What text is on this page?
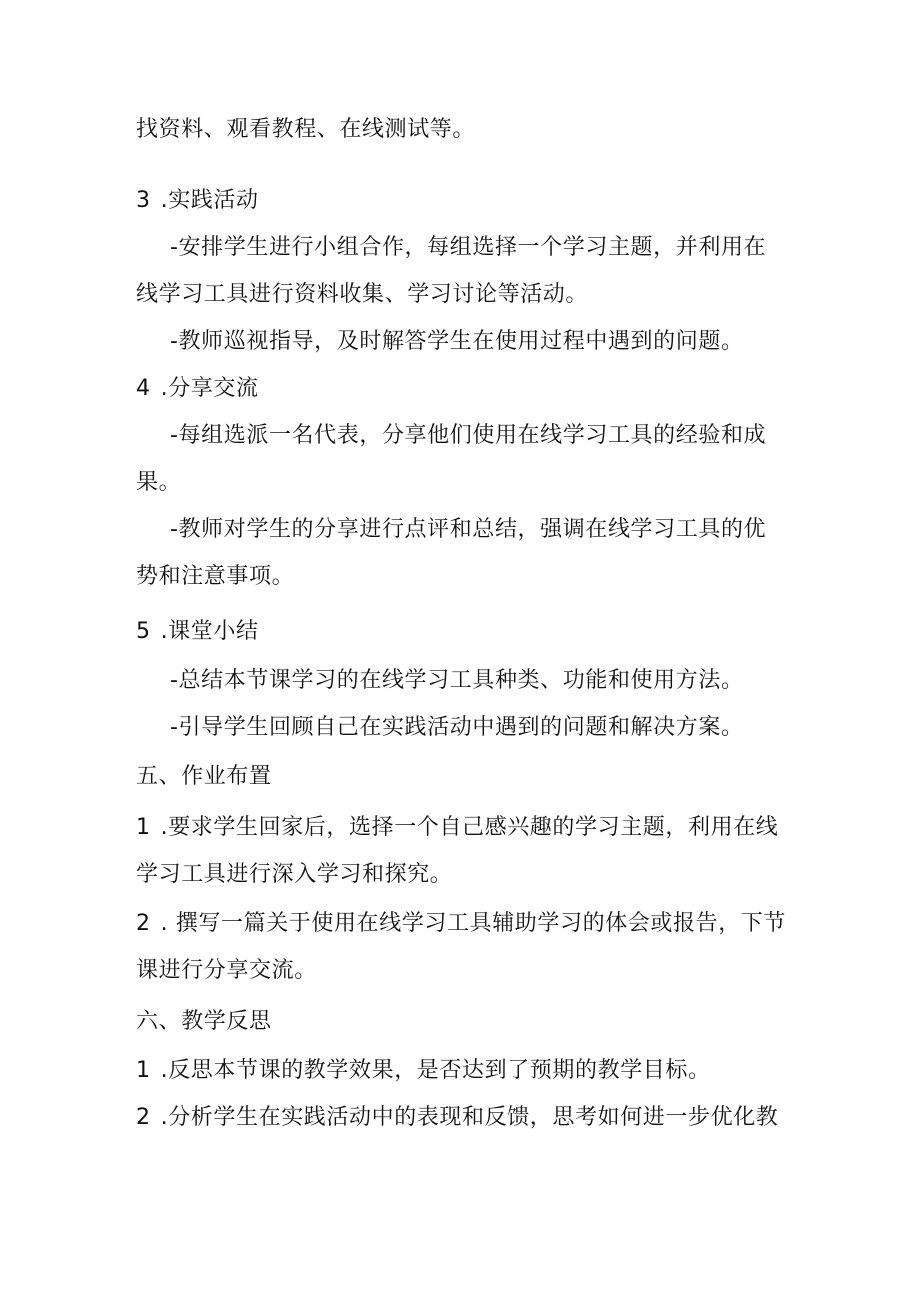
找资料、观看教程、在线测试等。
3 .实践活动
-安排学生进行小组合作，每组选择一个学习主题，并利用在
线学习工具进行资料收集、学习讨论等活动。
-教师巡视指导，及时解答学生在使用过程中遇到的问题。
4 .分享交流
-每组选派一名代表，分享他们使用在线学习工具的经验和成
果。
-教师对学生的分享进行点评和总结，强调在线学习工具的优
势和注意事项。
5 .课堂小结
-总结本节课学习的在线学习工具种类、功能和使用方法。
-引导学生回顾自己在实践活动中遇到的问题和解决方案。
五、作业布置
1 .要求学生回家后，选择一个自己感兴趣的学习主题，利用在线
学习工具进行深入学习和探究。
2 . 撰写一篇关于使用在线学习工具辅助学习的体会或报告，下节
课进行分享交流。
六、教学反思
1 .反思本节课的教学效果，是否达到了预期的教学目标。
2 .分析学生在实践活动中的表现和反馈，思考如何进一步优化教
